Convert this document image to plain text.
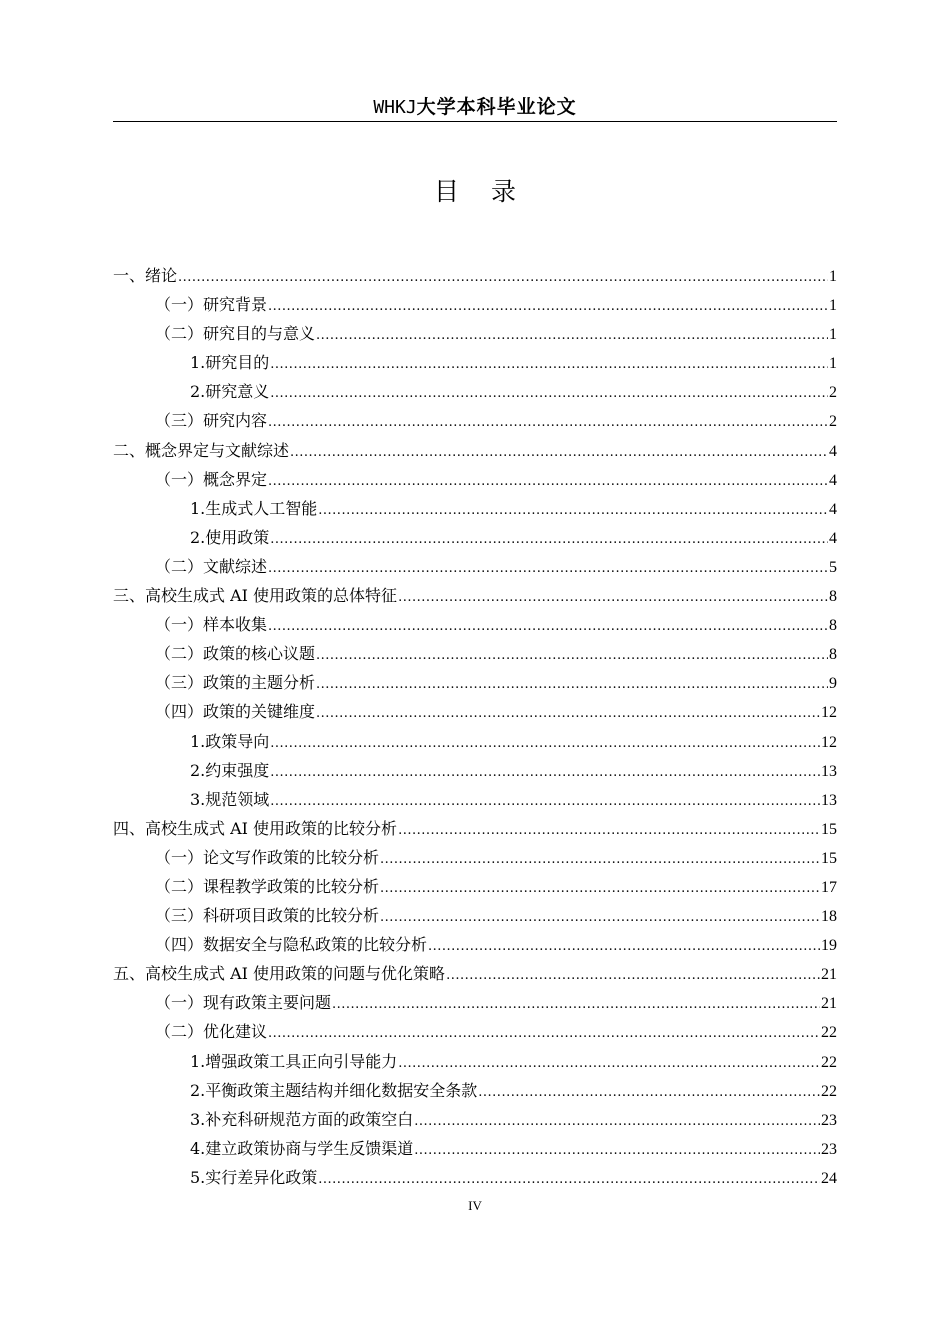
WHKJ大学本科毕业论文
目 录
一、绪论 .....	1
（一）研究背景 .....	1
（二）研究目的与意义 .....	1
1.研究目的 .....	1
2.研究意义 .....	2
（三）研究内容 .....	2
二、概念界定与文献综述 .....	4
（一）概念界定 .....	4
1.生成式人工智能 .....	4
2.使用政策 .....	4
（二）文献综述 .....	5
三、高校生成式 AI 使用政策的总体特征 .....	8
（一）样本收集 .....	8
（二）政策的核心议题 .....	8
（三）政策的主题分析 .....	9
（四）政策的关键维度 .....	12
1.政策导向 .....	12
2.约束强度 .....	13
3.规范领域 .....	13
四、高校生成式 AI 使用政策的比较分析 .....	15
（一）论文写作政策的比较分析 .....	15
（二）课程教学政策的比较分析 .....	17
（三）科研项目政策的比较分析 .....	18
（四）数据安全与隐私政策的比较分析 .....	19
五、高校生成式 AI 使用政策的问题与优化策略 .....	21
（一）现有政策主要问题 .....	21
（二）优化建议 .....	22
1.增强政策工具正向引导能力 .....	22
2.平衡政策主题结构并细化数据安全条款 .....	22
3.补充科研规范方面的政策空白 .....	23
4.建立政策协商与学生反馈渠道 .....	23
5.实行差异化政策 .....	24
IV
